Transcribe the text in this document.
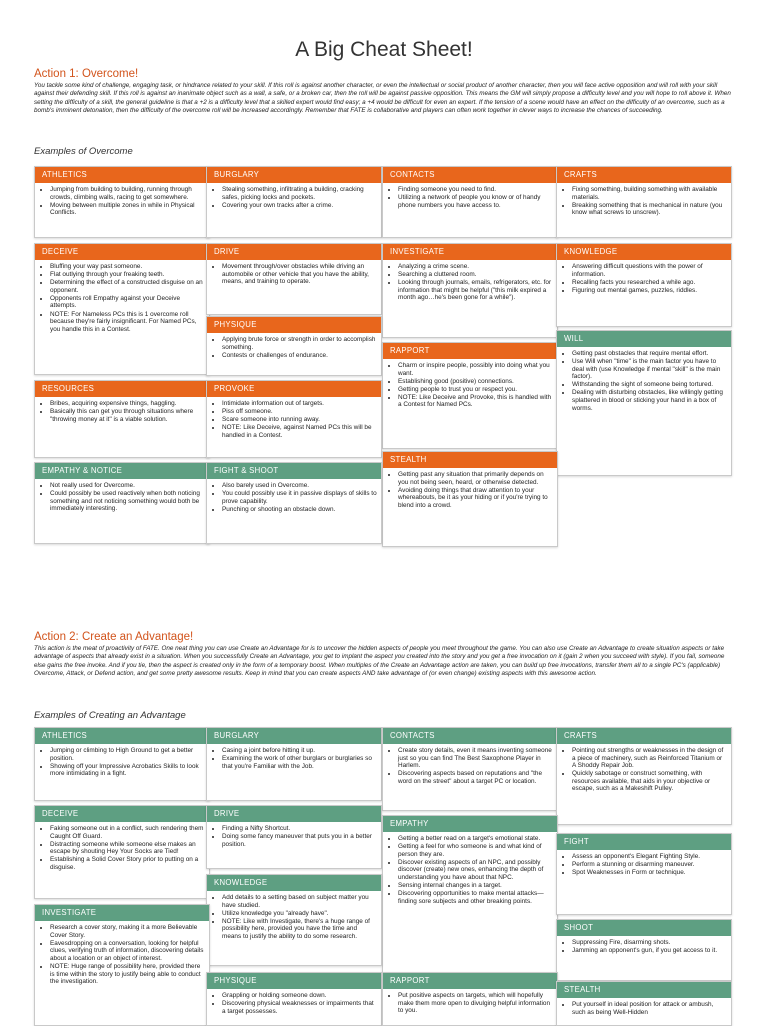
A Big Cheat Sheet!
Action 1: Overcome!
You tackle some kind of challenge, engaging task, or hindrance related to your skill. If this roll is against another character, or even the intellectual or social product of another character, then you will face active opposition and will roll with your skill against their defending skill. If this roll is against an inanimate object such as a wall, a safe, or a broken car, then the roll will be against passive opposition. This means the GM will simply propose a difficulty level and you will hope to roll above it. When setting the difficulty of a skill, the general guideline is that a +2 is a difficulty level that a skilled expert would find easy; a +4 would be difficult for even an expert. If the tension of a scene would have an effect on the difficulty of an overcome, such as a bomb's imminent detonation, then the difficulty of the overcome roll will be increased accordingly. Remember that FATE is collaborative and players can often work together in clever ways to increase the chances of succeeding.
Examples of Overcome
ATHLETICS
• Jumping from building to building, running through crowds, climbing walls, racing to get somewhere.
• Moving between multiple zones in while in Physical Conflicts.
BURGLARY
• Stealing something, infiltrating a building, cracking safes, picking locks and pockets.
• Covering your own tracks after a crime.
CONTACTS
• Finding someone you need to find.
• Utilizing a network of people you know or of handy phone numbers you have access to.
CRAFTS
• Fixing something, building something with available materials.
• Breaking something that is mechanical in nature (you know what screws to unscrew).
DECEIVE
• Bluffing your way past someone.
• Flat outlying through your freaking teeth.
• Determining the effect of a constructed disguise on an opponent.
• Opponents roll Empathy against your Deceive attempts.
• NOTE: For Nameless PCs this is 1 overcome roll because they're fairly insignificant. For Named PCs, you handle this in a Contest.
DRIVE
• Movement through/over obstacles while driving an automobile or other vehicle that you have the ability, means, and training to operate.
INVESTIGATE
• Analyzing a crime scene.
• Searching a cluttered room.
• Looking through journals, emails, refrigerators, etc. for information that might be helpful ("this milk expired a month ago…he's been gone for a while").
KNOWLEDGE
• Answering difficult questions with the power of information.
• Recalling facts you researched a while ago.
• Figuring out mental games, puzzles, riddles.
PHYSIQUE
• Applying brute force or strength in order to accomplish something.
• Contests or challenges of endurance.
RAPPORT
• Charm or inspire people, possibly into doing what you want.
• Establishing good (positive) connections.
• Getting people to trust you or respect you.
• NOTE: Like Deceive and Provoke, this is handled with a Contest for Named PCs.
WILL
• Getting past obstacles that require mental effort.
• Use Will when "time" is the main factor you have to deal with (use Knowledge if mental "skill" is the main factor).
• Withstanding the sight of someone being tortured.
• Dealing with disturbing obstacles, like willingly getting splattered in blood or sticking your hand in a box of worms.
RESOURCES
• Bribes, acquiring expensive things, haggling.
• Basically this can get you through situations where "throwing money at it" is a viable solution.
PROVOKE
• Intimidate information out of targets.
• Piss off someone.
• Scare someone into running away.
• NOTE: Like Deceive, against Named PCs this will be handled in a Contest.
STEALTH
• Getting past any situation that primarily depends on you not being seen, heard, or otherwise detected.
• Avoiding doing things that draw attention to your whereabouts, be it as your hiding or if you're trying to blend into a crowd.
EMPATHY & NOTICE
• Not really used for Overcome.
• Could possibly be used reactively when both noticing something and not noticing something would both be immediately interesting.
FIGHT & SHOOT
• Also barely used in Overcome.
• You could possibly use it in passive displays of skills to prove capability.
• Punching or shooting an obstacle down.
Action 2: Create an Advantage!
This action is the meat of proactivity of FATE. One neat thing you can use Create an Advantage for is to uncover the hidden aspects of people you meet throughout the game. You can also use Create an Advantage to create situation aspects or take advantage of aspects that already exist in a situation. When you successfully Create an Advantage, you get to implant the aspect you created into the story and you get a free invocation on it (gain 2 when you succeed with style). If you fail, someone else gains the free invoke. And if you tie, then the aspect is created only in the form of a temporary boost. When multiples of the Create an Advantage action are taken, you can build up free invocations, transfer them all to a single PC's (applicable) Overcome, Attack, or Defend action, and get some pretty awesome results. Keep in mind that you can create aspects AND take advantage of (or even change) existing aspects with this awesome action.
Examples of Creating an Advantage
ATHLETICS
• Jumping or climbing to High Ground to get a better position.
• Showing off your Impressive Acrobatics Skills to look more intimidating in a fight.
BURGLARY
• Casing a joint before hitting it up.
• Examining the work of other burglars or burglaries so that you're Familiar with the Job.
CONTACTS
• Create story details, even it means inventing someone just so you can find The Best Saxophone Player in Harlem.
• Discovering aspects based on reputations and "the word on the street" about a target PC or location.
CRAFTS
• Pointing out strengths or weaknesses in the design of a piece of machinery, such as Reinforced Titanium or A Shoddy Repair Job.
• Quickly sabotage or construct something, with resources available, that aids in your objective or escape, such as a Makeshift Pulley.
DECEIVE
• Faking someone out in a conflict, such rendering them Caught Off Guard.
• Distracting someone while someone else makes an escape by shouting Hey Your Socks are Tied!
• Establishing a Solid Cover Story prior to putting on a disguise.
DRIVE
• Finding a Nifty Shortcut.
• Doing some fancy maneuver that puts you in a better position.
EMPATHY
• Getting a better read on a target's emotional state.
• Getting a feel for who someone is and what kind of person they are.
• Discover existing aspects of an NPC, and possibly discover (create) new ones, enhancing the depth of understanding you have about that NPC.
• Sensing internal changes in a target.
• Discovering opportunities to make mental attacks—finding sore subjects and other breaking points.
FIGHT
• Assess an opponent's Elegant Fighting Style.
• Perform a stunning or disarming maneuver.
• Spot Weaknesses in Form or technique.
KNOWLEDGE
• Add details to a setting based on subject matter you have studied.
• Utilize knowledge you "already have".
• NOTE: Like with Investigate, there's a huge range of possibility here, provided you have the time and means to justify the ability to do some research.
INVESTIGATE
• Research a cover story, making it a more Believable Cover Story.
• Eavesdropping on a conversation, looking for helpful clues, verifying truth of information, discovering details about a location or an object of interest.
• NOTE: Huge range of possibility here, provided there is time within the story to justify being able to conduct the investigation.
SHOOT
• Suppressing Fire, disarming shots.
• Jamming an opponent's gun, if you get access to it.
PHYSIQUE
• Grappling or holding someone down.
• Discovering physical weaknesses or impairments that a target possesses.
RAPPORT
• Put positive aspects on targets, which will hopefully make them more open to divulging helpful information to you.
STEALTH
• Put yourself in ideal position for attack or ambush, such as being Well-Hidden
